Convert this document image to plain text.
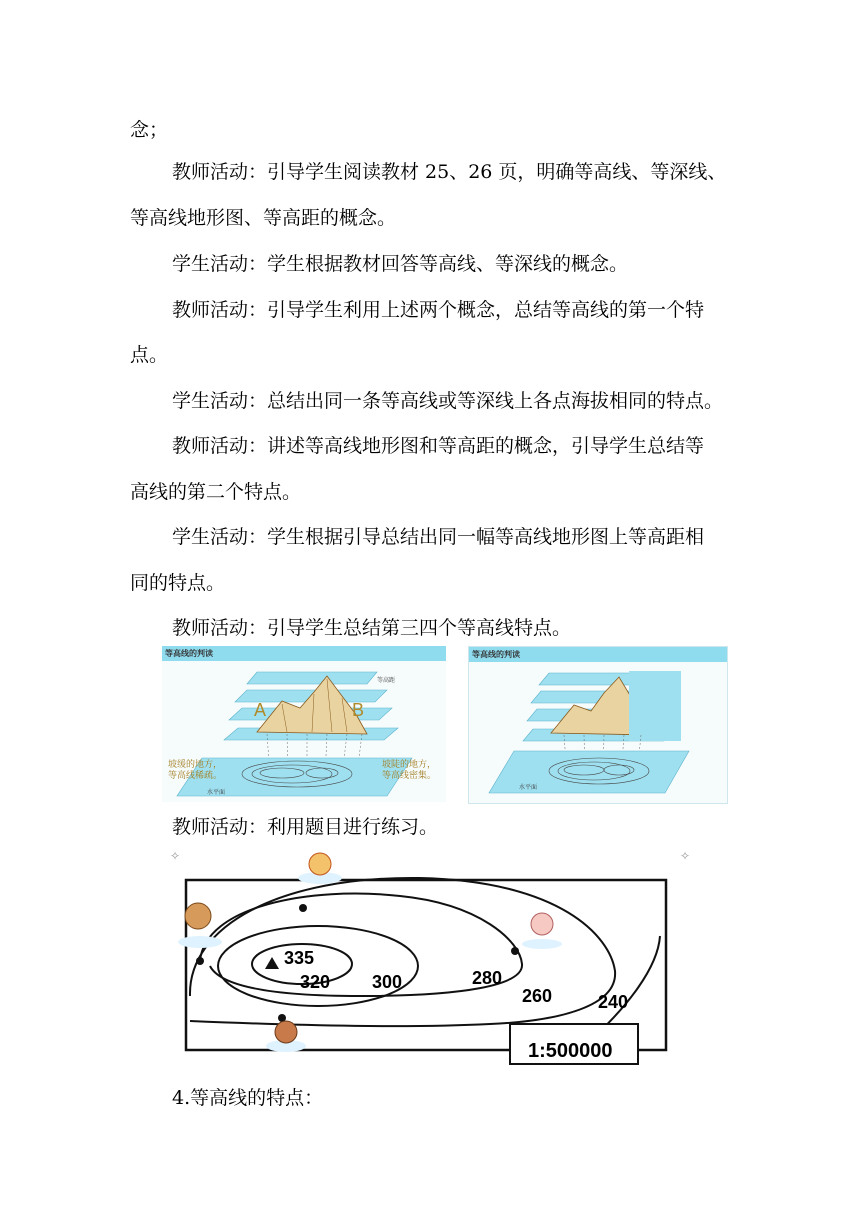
念；
教师活动：引导学生阅读教材 25、26 页，明确等高线、等深线、
等高线地形图、等高距的概念。
学生活动：学生根据教材回答等高线、等深线的概念。
教师活动：引导学生利用上述两个概念，总结等高线的第一个特
点。
学生活动：总结出同一条等高线或等深线上各点海拔相同的特点。
教师活动：讲述等高线地形图和等高距的概念，引导学生总结等
高线的第二个特点。
学生活动：学生根据引导总结出同一幅等高线地形图上等高距相
同的特点。
教师活动：引导学生总结第三四个等高线特点。
等高线的判读
等高距
水平面
A	B
坡缓的地方，
等高线稀疏。
坡陡的地方，
等高线密集。
等高线的判读
水平面
教师活动：利用题目进行练习。
335
320 300	280
260	240
1:500000
✧	✧
4.等高线的特点：
